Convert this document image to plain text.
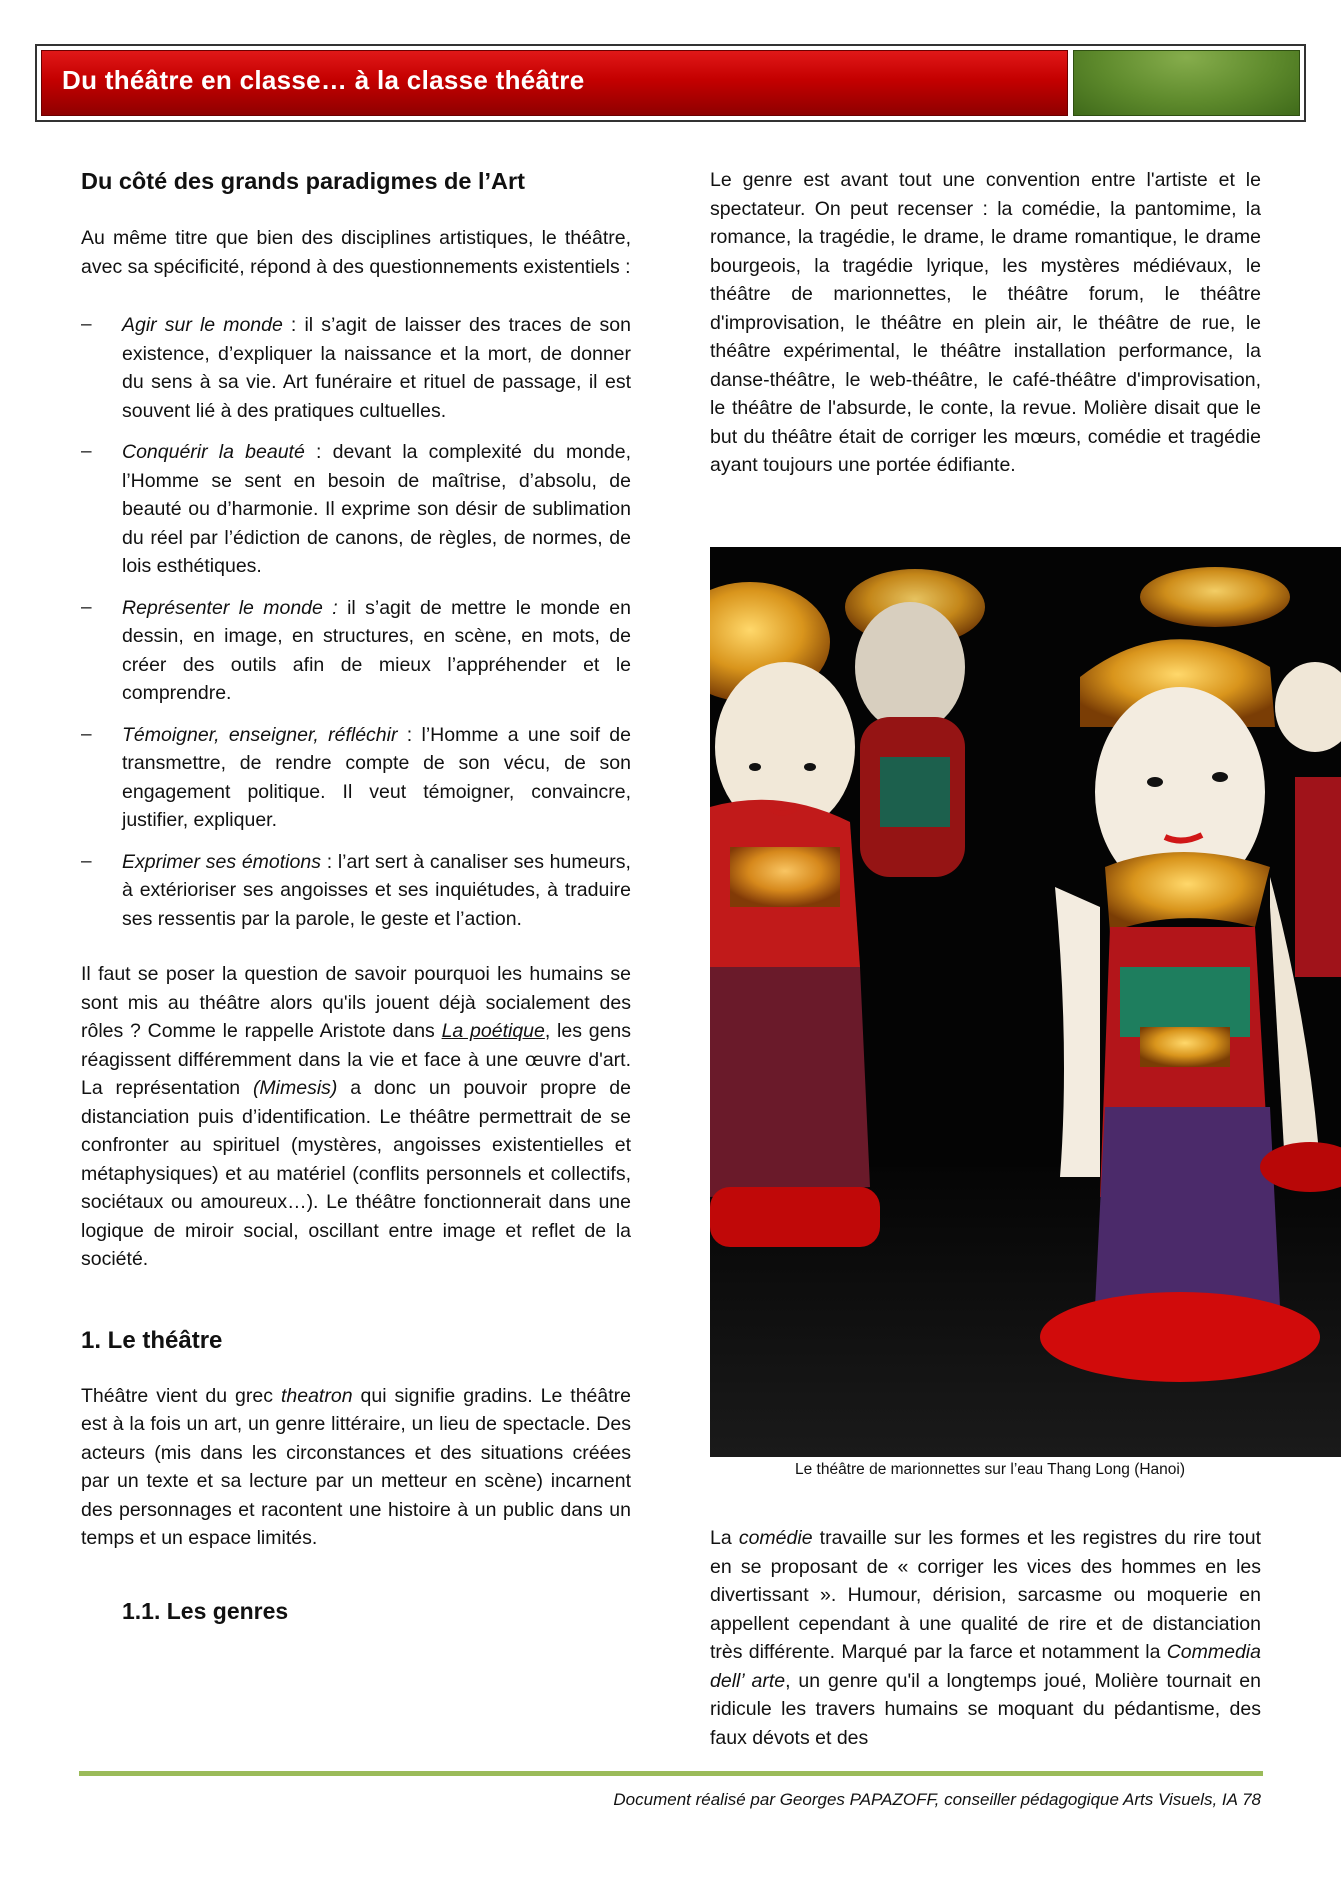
Du théâtre en classe… à la classe théâtre
Du côté des grands paradigmes de l’Art

Au même titre que bien des disciplines artistiques, le théâtre, avec sa spécificité, répond à des questionnements existentiels :

– Agir sur le monde : il s’agit de laisser des traces de son existence, d’expliquer la naissance et la mort, de donner du sens à sa vie. Art funéraire et rituel de passage, il est souvent lié à des pratiques cultuelles.

– Conquérir la beauté : devant la complexité du monde, l’Homme se sent en besoin de maîtrise, d’absolu, de beauté ou d’harmonie. Il exprime son désir de sublimation du réel par l’édiction de canons, de règles, de normes, de lois esthétiques.

– Représenter le monde : il s’agit de mettre le monde en dessin, en image, en structures, en scène, en mots, de créer des outils afin de mieux l’appréhender et le comprendre.

– Témoigner, enseigner, réfléchir : l’Homme a une soif de transmettre, de rendre compte de son vécu, de son engagement politique. Il veut témoigner, convaincre, justifier, expliquer.

– Exprimer ses émotions : l’art sert à canaliser ses humeurs, à extérioriser ses angoisses et ses inquiétudes, à traduire ses ressentis par la parole, le geste et l’action.

Il faut se poser la question de savoir pourquoi les humains se sont mis au théâtre alors qu'ils jouent déjà socialement des rôles ? Comme le rappelle Aristote dans La poétique, les gens réagissent différemment dans la vie et face à une œuvre d'art. La représentation (Mimesis) a donc un pouvoir propre de distanciation puis d’identification. Le théâtre permettrait de se confronter au spirituel (mystères, angoisses existentielles et métaphysiques) et au matériel (conflits personnels et collectifs, sociétaux ou amoureux…). Le théâtre fonctionnerait dans une logique de miroir social, oscillant entre image et reflet de la société.

1. Le théâtre

Théâtre vient du grec theatron qui signifie gradins. Le théâtre est à la fois un art, un genre littéraire, un lieu de spectacle. Des acteurs (mis dans les circonstances et des situations créées par un texte et sa lecture par un metteur en scène) incarnent des personnages et racontent une histoire à un public dans un temps et un espace limités.

1.1. Les genres

Le genre est avant tout une convention entre l'artiste et le spectateur. On peut recenser : la comédie, la pantomime, la romance, la tragédie, le drame, le drame romantique, le drame bourgeois, la tragédie lyrique, les mystères médiévaux, le théâtre de marionnettes, le théâtre forum, le théâtre d'improvisation, le théâtre en plein air, le théâtre de rue, le théâtre expérimental, le théâtre installation performance, la danse-théâtre, le web-théâtre, le café-théâtre d'improvisation, le théâtre de l'absurde, le conte, la revue. Molière disait que le but du théâtre était de corriger les mœurs, comédie et tragédie ayant toujours une portée édifiante.

Le théâtre de marionnettes sur l’eau Thang Long (Hanoi)

La comédie travaille sur les formes et les registres du rire tout en se proposant de « corriger les vices des hommes en les divertissant ». Humour, dérision, sarcasme ou moquerie en appellent cependant à une qualité de rire et de distanciation très différente. Marqué par la farce et notamment la Commedia dell’ arte, un genre qu'il a longtemps joué, Molière tournait en ridicule les travers humains se moquant du pédantisme, des faux dévots et des

Document réalisé par Georges PAPAZOFF, conseiller pédagogique Arts Visuels, IA 78
